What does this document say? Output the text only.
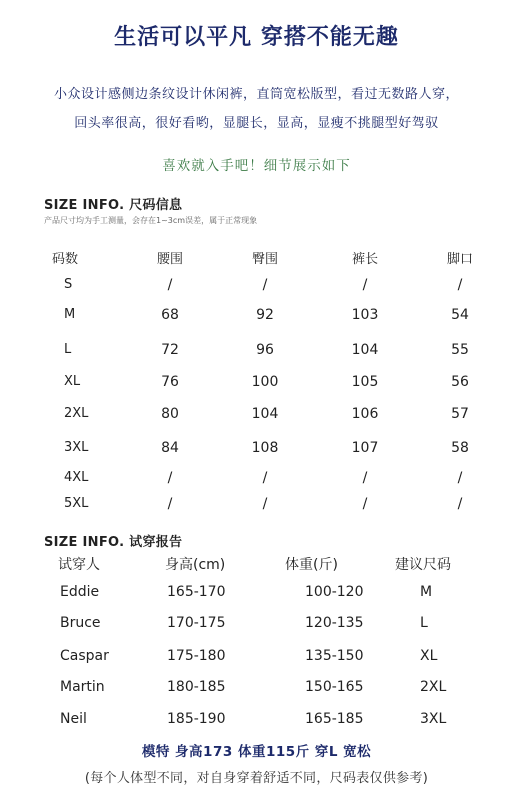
生活可以平凡 穿搭不能无趣
小众设计感侧边条纹设计休闲裤，直筒宽松版型，看过无数路人穿，
回头率很高，很好看哟，显腿长，显高，显瘦不挑腿型好驾驭
喜欢就入手吧！细节展示如下
SIZE INFO. 尺码信息
产品尺寸均为手工测量，会存在1~3cm误差，属于正常现象
码数	腰围	臀围	裤长	脚口
S	/	/	/	/
M	68	92	103	54
L	72	96	104	55
XL	76	100	105	56
2XL	80	104	106	57
3XL	84	108	107	58
4XL	/	/	/	/
5XL	/	/	/	/
SIZE INFO. 试穿报告
试穿人	身高(cm)	体重(斤)	建议尺码
Eddie	165-170	100-120	M
Bruce	170-175	120-135	L
Caspar	175-180	135-150	XL
Martin	180-185	150-165	2XL
Neil	185-190	165-185	3XL
模特 身高173 体重115斤 穿L 宽松
(每个人体型不同，对自身穿着舒适不同，尺码表仅供参考)
